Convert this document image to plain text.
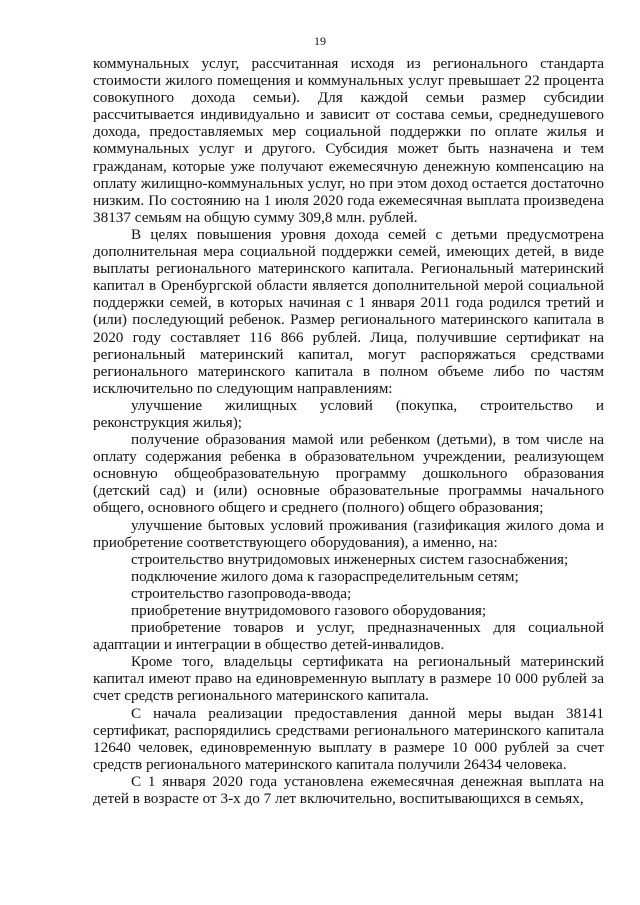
19

коммунальных услуг, рассчитанная исходя из регионального стандарта стоимости жилого помещения и коммунальных услуг превышает 22 процента совокупного дохода семьи). Для каждой семьи размер субсидии рассчитывается индивидуально и зависит от состава семьи, среднедушевого дохода, предоставляемых мер социальной поддержки по оплате жилья и коммунальных услуг и другого. Субсидия может быть назначена и тем гражданам, которые уже получают ежемесячную денежную компенсацию на оплату жилищно-коммунальных услуг, но при этом доход остается достаточно низким. По состоянию на 1 июля 2020 года ежемесячная выплата произведена 38137 семьям на общую сумму 309,8 млн. рублей.

В целях повышения уровня дохода семей с детьми предусмотрена дополнительная мера социальной поддержки семей, имеющих детей, в виде выплаты регионального материнского капитала. Региональный материнский капитал в Оренбургской области является дополнительной мерой социальной поддержки семей, в которых начиная с 1 января 2011 года родился третий и (или) последующий ребенок. Размер регионального материнского капитала в 2020 году составляет 116 866 рублей. Лица, получившие сертификат на региональный материнский капитал, могут распоряжаться средствами регионального материнского капитала в полном объеме либо по частям исключительно по следующим направлениям:

улучшение жилищных условий (покупка, строительство и реконструкция жилья);

получение образования мамой или ребенком (детьми), в том числе на оплату содержания ребенка в образовательном учреждении, реализующем основную общеобразовательную программу дошкольного образования (детский сад) и (или) основные образовательные программы начального общего, основного общего и среднего (полного) общего образования;

улучшение бытовых условий проживания (газификация жилого дома и приобретение соответствующего оборудования), а именно, на:

строительство внутридомовых инженерных систем газоснабжения;

подключение жилого дома к газораспределительным сетям;

строительство газопровода-ввода;

приобретение внутридомового газового оборудования;

приобретение товаров и услуг, предназначенных для социальной адаптации и интеграции в общество детей-инвалидов.

Кроме того, владельцы сертификата на региональный материнский капитал имеют право на единовременную выплату в размере 10 000 рублей за счет средств регионального материнского капитала.

С начала реализации предоставления данной меры выдан 38141 сертификат, распорядились средствами регионального материнского капитала 12640 человек, единовременную выплату в размере 10 000 рублей за счет средств регионального материнского капитала получили 26434 человека.

С 1 января 2020 года установлена ежемесячная денежная выплата на детей в возрасте от 3-х до 7 лет включительно, воспитывающихся в семьях,
